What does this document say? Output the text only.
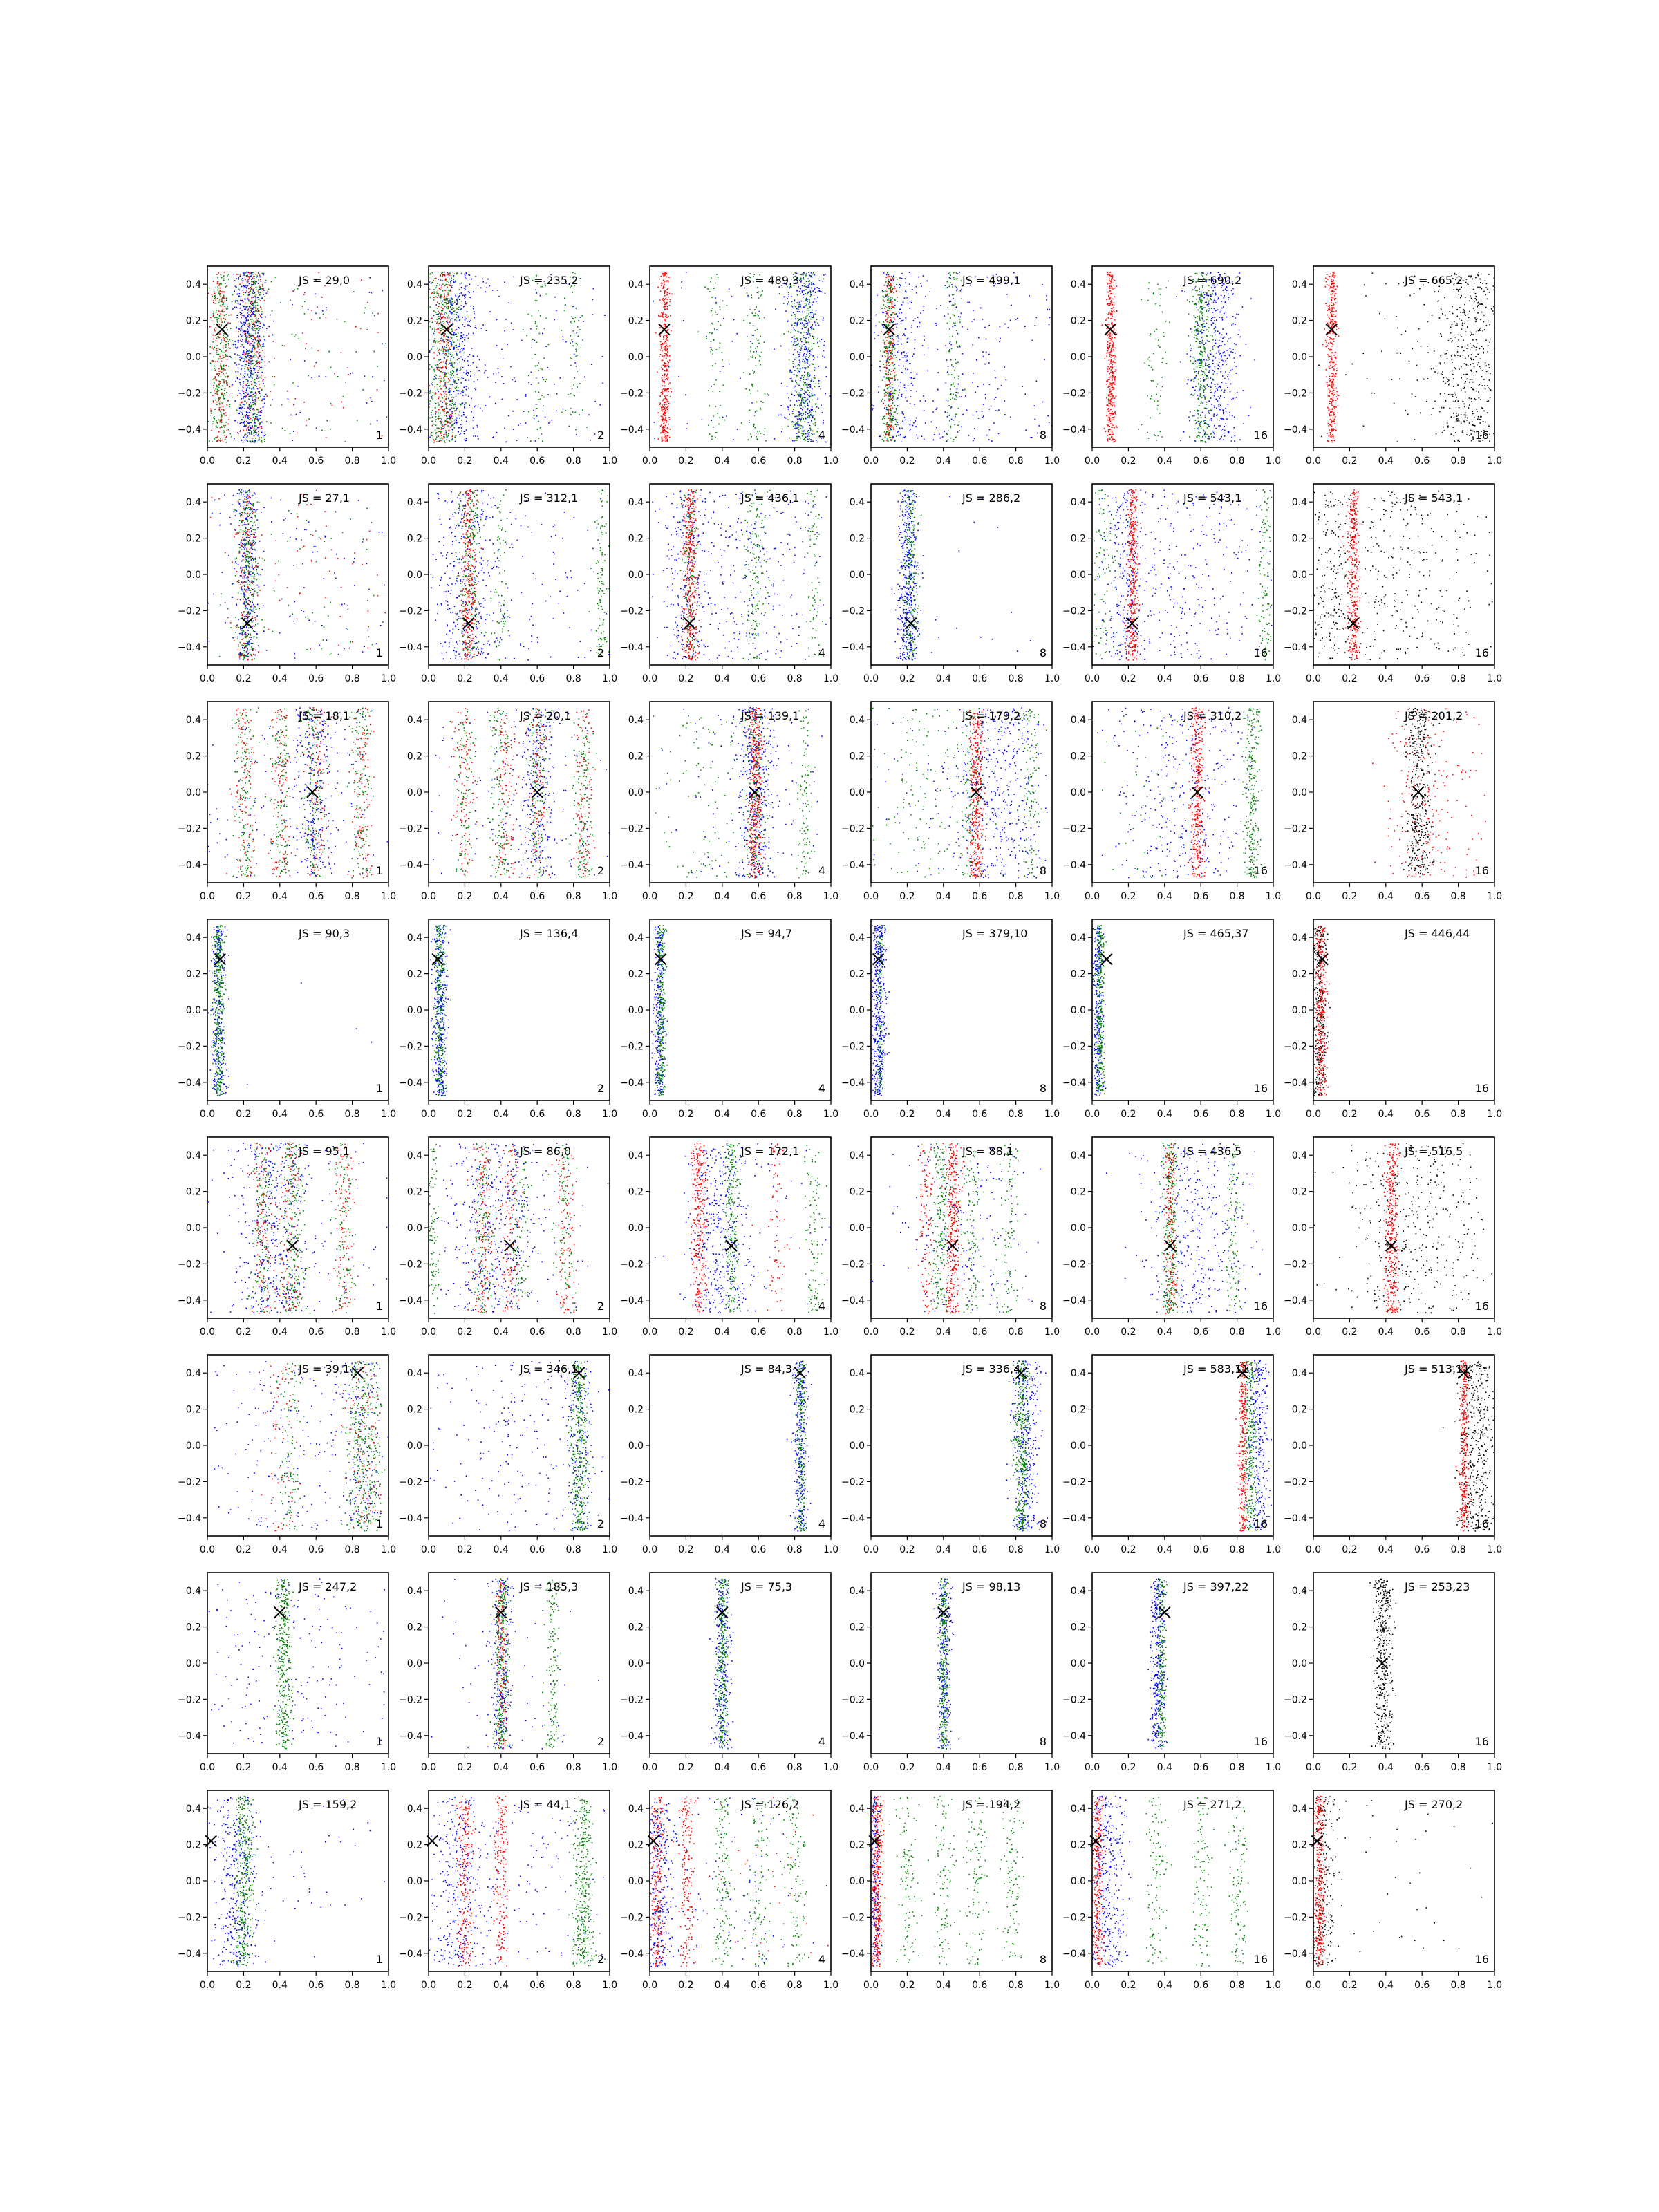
0.0 0.2 0.4 0.6 0.8 1.0
−0.4
−0.2
0.0
0.2
0.4	JS = 29,0
1
0.0 0.2 0.4 0.6 0.8 1.0
−0.4
−0.2
0.0
0.2
0.4	JS = 235,2
2
0.0 0.2 0.4 0.6 0.8 1.0
−0.4
−0.2
0.0
0.2
0.4	JS = 489,3
4
0.0 0.2 0.4 0.6 0.8 1.0
−0.4
−0.2
0.0
0.2
0.4	JS = 499,1
8
0.0 0.2 0.4 0.6 0.8 1.0
−0.4
−0.2
0.0
0.2
0.4	JS = 690,2
16
0.0 0.2 0.4 0.6 0.8 1.0
−0.4
−0.2
0.0
0.2
0.4	JS = 665,2
16
0.0 0.2 0.4 0.6 0.8 1.0
−0.4
−0.2
0.0
0.2
0.4	JS = 27,1
1
0.0 0.2 0.4 0.6 0.8 1.0
−0.4
−0.2
0.0
0.2
0.4	JS = 312,1
2
0.0 0.2 0.4 0.6 0.8 1.0
−0.4
−0.2
0.0
0.2
0.4	JS = 436,1
4
0.0 0.2 0.4 0.6 0.8 1.0
−0.4
−0.2
0.0
0.2
0.4	JS = 286,2
8
0.0 0.2 0.4 0.6 0.8 1.0
−0.4
−0.2
0.0
0.2
0.4	JS = 543,1
16
0.0 0.2 0.4 0.6 0.8 1.0
−0.4
−0.2
0.0
0.2
0.4	JS = 543,1
16
0.0 0.2 0.4 0.6 0.8 1.0
−0.4
−0.2
0.0
0.2
0.4	JS = 18,1
1
0.0 0.2 0.4 0.6 0.8 1.0
−0.4
−0.2
0.0
0.2
0.4	JS = 20,1
2
0.0 0.2 0.4 0.6 0.8 1.0
−0.4
−0.2
0.0
0.2
0.4	JS = 139,1
4
0.0 0.2 0.4 0.6 0.8 1.0
−0.4
−0.2
0.0
0.2
0.4	JS = 179,2
8
0.0 0.2 0.4 0.6 0.8 1.0
−0.4
−0.2
0.0
0.2
0.4	JS = 310,2
16
0.0 0.2 0.4 0.6 0.8 1.0
−0.4
−0.2
0.0
0.2
0.4	JS = 201,2
16
0.0 0.2 0.4 0.6 0.8 1.0
−0.4
−0.2
0.0
0.2
0.4	JS = 90,3
1
0.0 0.2 0.4 0.6 0.8 1.0
−0.4
−0.2
0.0
0.2
0.4	JS = 136,4
2
0.0 0.2 0.4 0.6 0.8 1.0
−0.4
−0.2
0.0
0.2
0.4	JS = 94,7
4
0.0 0.2 0.4 0.6 0.8 1.0
−0.4
−0.2
0.0
0.2
0.4	JS = 379,10
8
0.0 0.2 0.4 0.6 0.8 1.0
−0.4
−0.2
0.0
0.2
0.4	JS = 465,37
16
0.0 0.2 0.4 0.6 0.8 1.0
−0.4
−0.2
0.0
0.2
0.4	JS = 446,44
16
0.0 0.2 0.4 0.6 0.8 1.0
−0.4
−0.2
0.0
0.2
0.4	JS = 95,1
1
0.0 0.2 0.4 0.6 0.8 1.0
−0.4
−0.2
0.0
0.2
0.4	JS = 86,0
2
0.0 0.2 0.4 0.6 0.8 1.0
−0.4
−0.2
0.0
0.2
0.4	JS = 172,1
4
0.0 0.2 0.4 0.6 0.8 1.0
−0.4
−0.2
0.0
0.2
0.4	JS = 88,1
8
0.0 0.2 0.4 0.6 0.8 1.0
−0.4
−0.2
0.0
0.2
0.4	JS = 436,5
16
0.0 0.2 0.4 0.6 0.8 1.0
−0.4
−0.2
0.0
0.2
0.4	JS = 516,5
16
0.0 0.2 0.4 0.6 0.8 1.0
−0.4
−0.2
0.0
0.2
0.4	JS = 39,1
1
0.0 0.2 0.4 0.6 0.8 1.0
−0.4
−0.2
0.0
0.2
0.4	JS = 346,1
2
0.0 0.2 0.4 0.6 0.8 1.0
−0.4
−0.2
0.0
0.2
0.4	JS = 84,3
4
0.0 0.2 0.4 0.6 0.8 1.0
−0.4
−0.2
0.0
0.2
0.4	JS = 336,4
8
0.0 0.2 0.4 0.6 0.8 1.0
−0.4
−0.2
0.0
0.2
0.4	JS = 583,11
16
0.0 0.2 0.4 0.6 0.8 1.0
−0.4
−0.2
0.0
0.2
0.4	JS = 513,11
16
0.0 0.2 0.4 0.6 0.8 1.0
−0.4
−0.2
0.0
0.2
0.4	JS = 247,2
1
0.0 0.2 0.4 0.6 0.8 1.0
−0.4
−0.2
0.0
0.2
0.4	JS = 185,3
2
0.0 0.2 0.4 0.6 0.8 1.0
−0.4
−0.2
0.0
0.2
0.4	JS = 75,3
4
0.0 0.2 0.4 0.6 0.8 1.0
−0.4
−0.2
0.0
0.2
0.4	JS = 98,13
8
0.0 0.2 0.4 0.6 0.8 1.0
−0.4
−0.2
0.0
0.2
0.4	JS = 397,22
16
0.0 0.2 0.4 0.6 0.8 1.0
−0.4
−0.2
0.0
0.2
0.4	JS = 253,23
16
0.0 0.2 0.4 0.6 0.8 1.0
−0.4
−0.2
0.0
0.2
0.4	JS = 159,2
1
0.0 0.2 0.4 0.6 0.8 1.0
−0.4
−0.2
0.0
0.2
0.4	JS = 44,1
2
0.0 0.2 0.4 0.6 0.8 1.0
−0.4
−0.2
0.0
0.2
0.4	JS = 126,2
4
0.0 0.2 0.4 0.6 0.8 1.0
−0.4
−0.2
0.0
0.2
0.4	JS = 194,2
8
0.0 0.2 0.4 0.6 0.8 1.0
−0.4
−0.2
0.0
0.2
0.4	JS = 271,2
16
0.0 0.2 0.4 0.6 0.8 1.0
−0.4
−0.2
0.0
0.2
0.4	JS = 270,2
16
